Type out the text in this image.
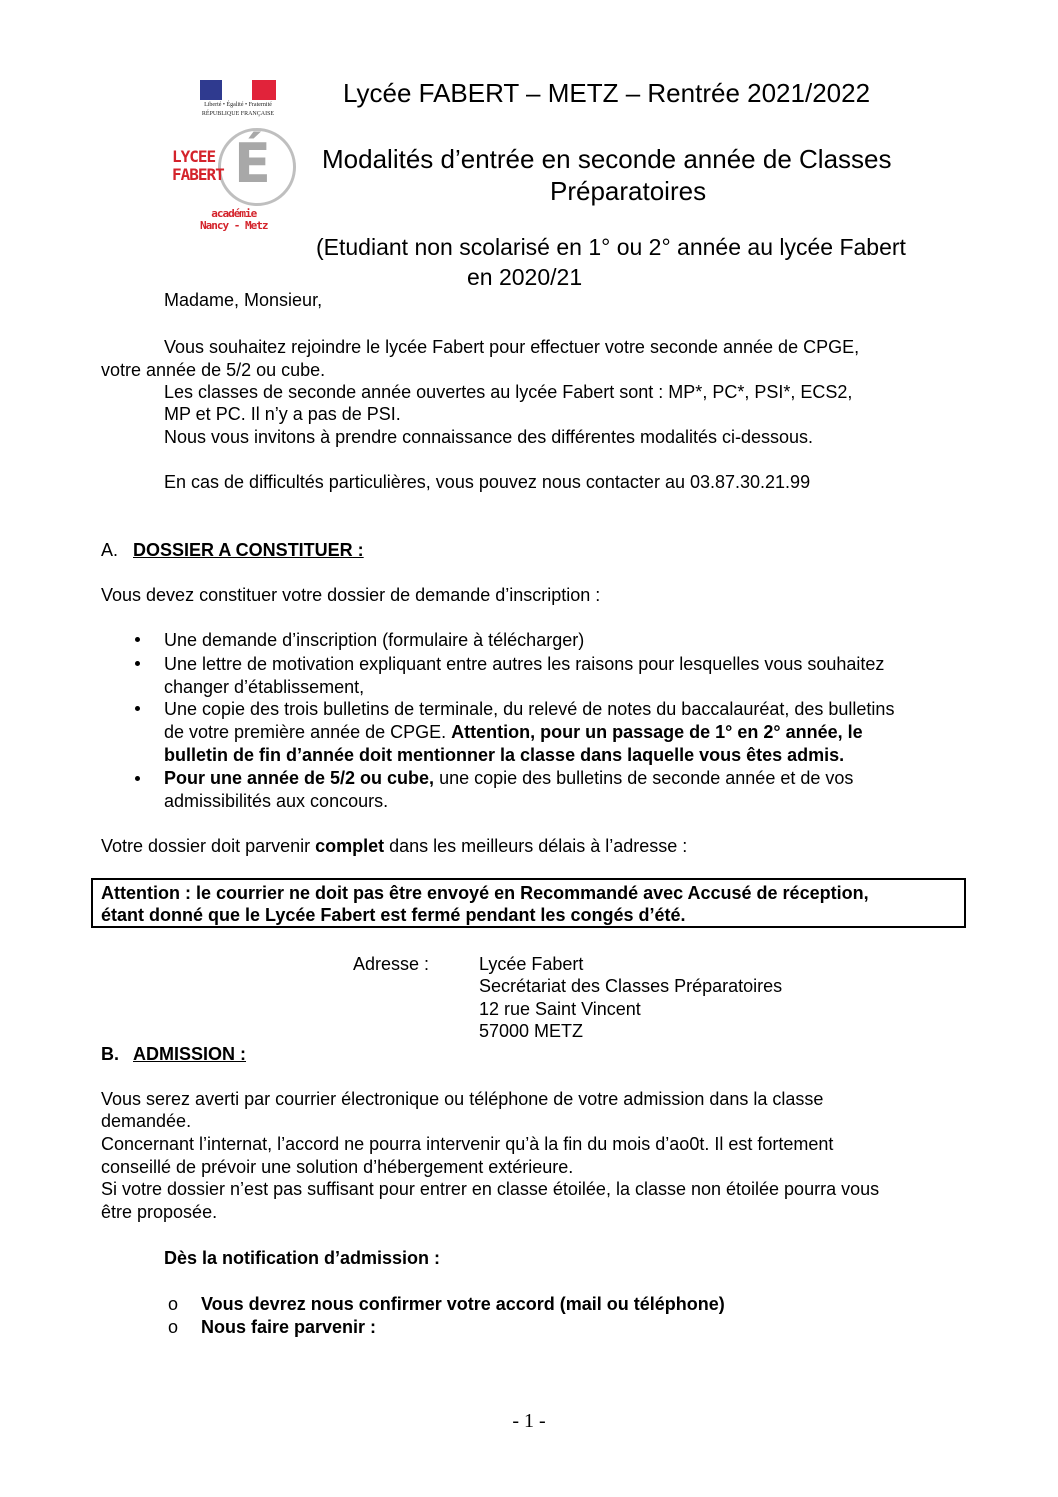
Liberté • Égalité • Fraternité
RÉPUBLIQUE FRANÇAISE
É
LYCEE
FABERT
académie
Nancy - Metz
Lycée FABERT – METZ – Rentrée 2021/2022
Modalités d’entrée en seconde année de Classes
Préparatoires
(Etudiant non scolarisé en 1° ou 2° année au lycée Fabert
en 2020/21
Madame, Monsieur,
Vous souhaitez rejoindre le lycée Fabert pour effectuer votre seconde année de CPGE,
votre année de 5/2 ou cube.
Les classes de seconde année ouvertes au lycée Fabert sont : MP*, PC*, PSI*, ECS2,
MP et PC. Il n’y a pas de PSI.
Nous vous invitons à prendre connaissance des différentes modalités ci-dessous.
En cas de difficultés particulières, vous pouvez nous contacter au 03.87.30.21.99
A. DOSSIER A CONSTITUER :
Vous devez constituer votre dossier de demande d’inscription :
Une demande d’inscription (formulaire à télécharger)
Une lettre de motivation expliquant entre autres les raisons pour lesquelles vous souhaitez
changer d’établissement,
Une copie des trois bulletins de terminale, du relevé de notes du baccalauréat, des bulletins
de votre première année de CPGE. Attention, pour un passage de 1° en 2° année, le
bulletin de fin d’année doit mentionner la classe dans laquelle vous êtes admis.
Pour une année de 5/2 ou cube, une copie des bulletins de seconde année et de vos
admissibilités aux concours.
Votre dossier doit parvenir complet dans les meilleurs délais à l’adresse :
Attention : le courrier ne doit pas être envoyé en Recommandé avec Accusé de réception,
étant donné que le Lycée Fabert est fermé pendant les congés d’été.
Adresse :	Lycée Fabert
Secrétariat des Classes Préparatoires
12 rue Saint Vincent
57000 METZ
B. ADMISSION :
Vous serez averti par courrier électronique ou téléphone de votre admission dans la classe
demandée.
Concernant l’internat, l’accord ne pourra intervenir qu’à la fin du mois d’ao0t. Il est fortement
conseillé de prévoir une solution d’hébergement extérieure.
Si votre dossier n’est pas suffisant pour entrer en classe étoilée, la classe non étoilée pourra vous
être proposée.
Dès la notification d’admission :
o Vous devrez nous confirmer votre accord (mail ou téléphone)
o Nous faire parvenir :
- 1 -
